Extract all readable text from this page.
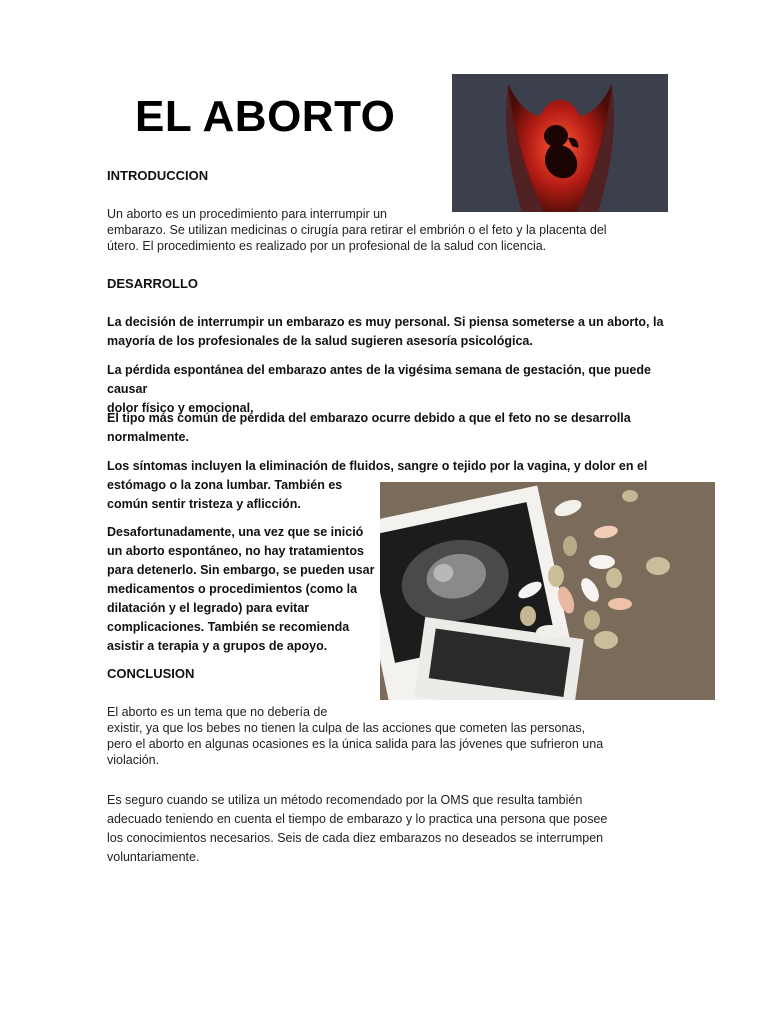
EL ABORTO
INTRODUCCION

Un aborto es un procedimiento para interrumpir un

embarazo. Se utilizan medicinas o cirugía para retirar el embrión o el feto y la placenta del

útero. El procedimiento es realizado por un profesional de la salud con licencia.

DESARROLLO

La decisión de interrumpir un embarazo es muy personal. Si piensa someterse a un aborto, la

mayoría de los profesionales de la salud sugieren asesoría psicológica.

La pérdida espontánea del embarazo antes de la vigésima semana de gestación, que puede causar

dolor físico y emocional.

El tipo más común de pérdida del embarazo ocurre debido a que el feto no se desarrolla

normalmente.

Los síntomas incluyen la eliminación de fluidos, sangre o tejido por la vagina, y dolor en el

estómago o la zona lumbar. También es

común sentir tristeza y aflicción.

Desafortunadamente, una vez que se inició

un aborto espontáneo, no hay tratamientos

para detenerlo. Sin embargo, se pueden usar

medicamentos o procedimientos (como la

dilatación y el legrado) para evitar

complicaciones. También se recomienda

asistir a terapia y a grupos de apoyo.

CONCLUSION

El aborto es un tema que no debería de

existir, ya que los bebes no tienen la culpa de las acciones que cometen las personas,

pero el aborto en algunas ocasiones es la única salida para las jóvenes que sufrieron una

violación.

Es seguro cuando se utiliza un método recomendado por la OMS que resulta también

adecuado teniendo en cuenta el tiempo de embarazo y lo practica una persona que posee

los conocimientos necesarios. Seis de cada diez embarazos no deseados se interrumpen

voluntariamente.
